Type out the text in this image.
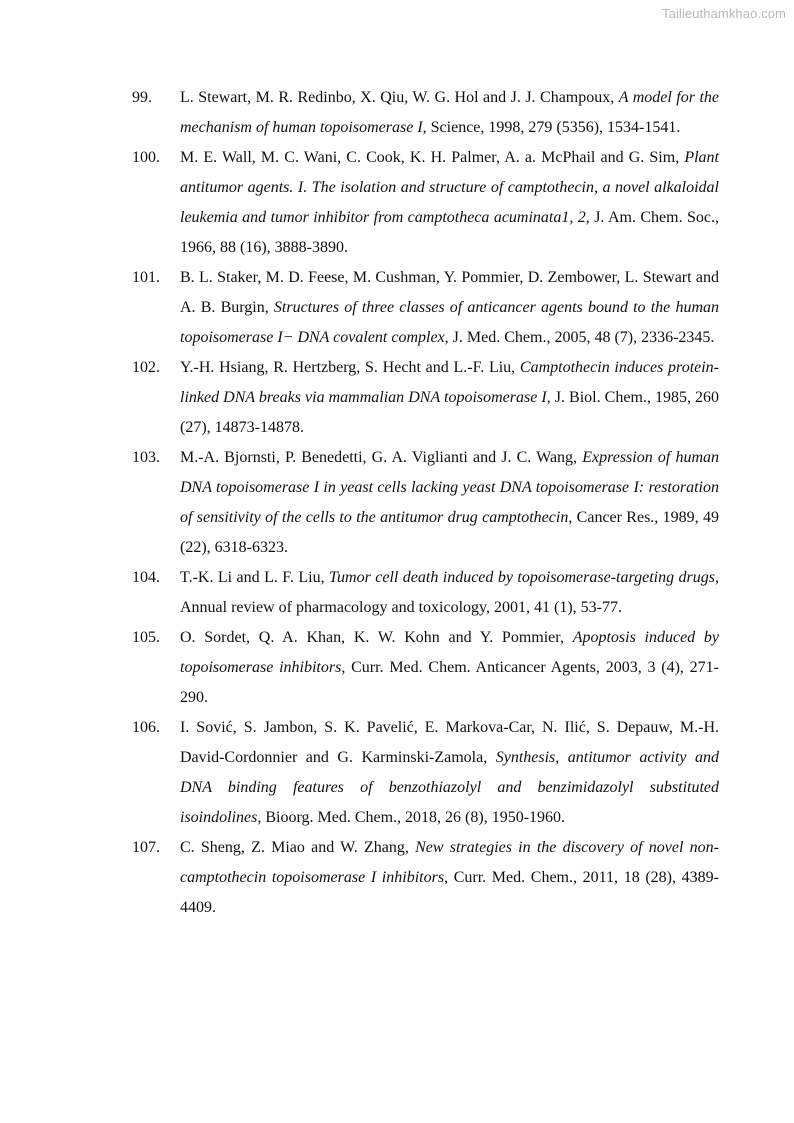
Tailieuthamkhao.com
99. L. Stewart, M. R. Redinbo, X. Qiu, W. G. Hol and J. J. Champoux, A model for the mechanism of human topoisomerase I, Science, 1998, 279 (5356), 1534-1541.
100. M. E. Wall, M. C. Wani, C. Cook, K. H. Palmer, A. a. McPhail and G. Sim, Plant antitumor agents. I. The isolation and structure of camptothecin, a novel alkaloidal leukemia and tumor inhibitor from camptotheca acuminata1, 2, J. Am. Chem. Soc., 1966, 88 (16), 3888-3890.
101. B. L. Staker, M. D. Feese, M. Cushman, Y. Pommier, D. Zembower, L. Stewart and A. B. Burgin, Structures of three classes of anticancer agents bound to the human topoisomerase I− DNA covalent complex, J. Med. Chem., 2005, 48 (7), 2336-2345.
102. Y.-H. Hsiang, R. Hertzberg, S. Hecht and L.-F. Liu, Camptothecin induces protein-linked DNA breaks via mammalian DNA topoisomerase I, J. Biol. Chem., 1985, 260 (27), 14873-14878.
103. M.-A. Bjornsti, P. Benedetti, G. A. Viglianti and J. C. Wang, Expression of human DNA topoisomerase I in yeast cells lacking yeast DNA topoisomerase I: restoration of sensitivity of the cells to the antitumor drug camptothecin, Cancer Res., 1989, 49 (22), 6318-6323.
104. T.-K. Li and L. F. Liu, Tumor cell death induced by topoisomerase-targeting drugs, Annual review of pharmacology and toxicology, 2001, 41 (1), 53-77.
105. O. Sordet, Q. A. Khan, K. W. Kohn and Y. Pommier, Apoptosis induced by topoisomerase inhibitors, Curr. Med. Chem. Anticancer Agents, 2003, 3 (4), 271-290.
106. I. Sović, S. Jambon, S. K. Pavelić, E. Markova-Car, N. Ilić, S. Depauw, M.-H. David-Cordonnier and G. Karminski-Zamola, Synthesis, antitumor activity and DNA binding features of benzothiazolyl and benzimidazolyl substituted isoindolines, Bioorg. Med. Chem., 2018, 26 (8), 1950-1960.
107. C. Sheng, Z. Miao and W. Zhang, New strategies in the discovery of novel non-camptothecin topoisomerase I inhibitors, Curr. Med. Chem., 2011, 18 (28), 4389-4409.
